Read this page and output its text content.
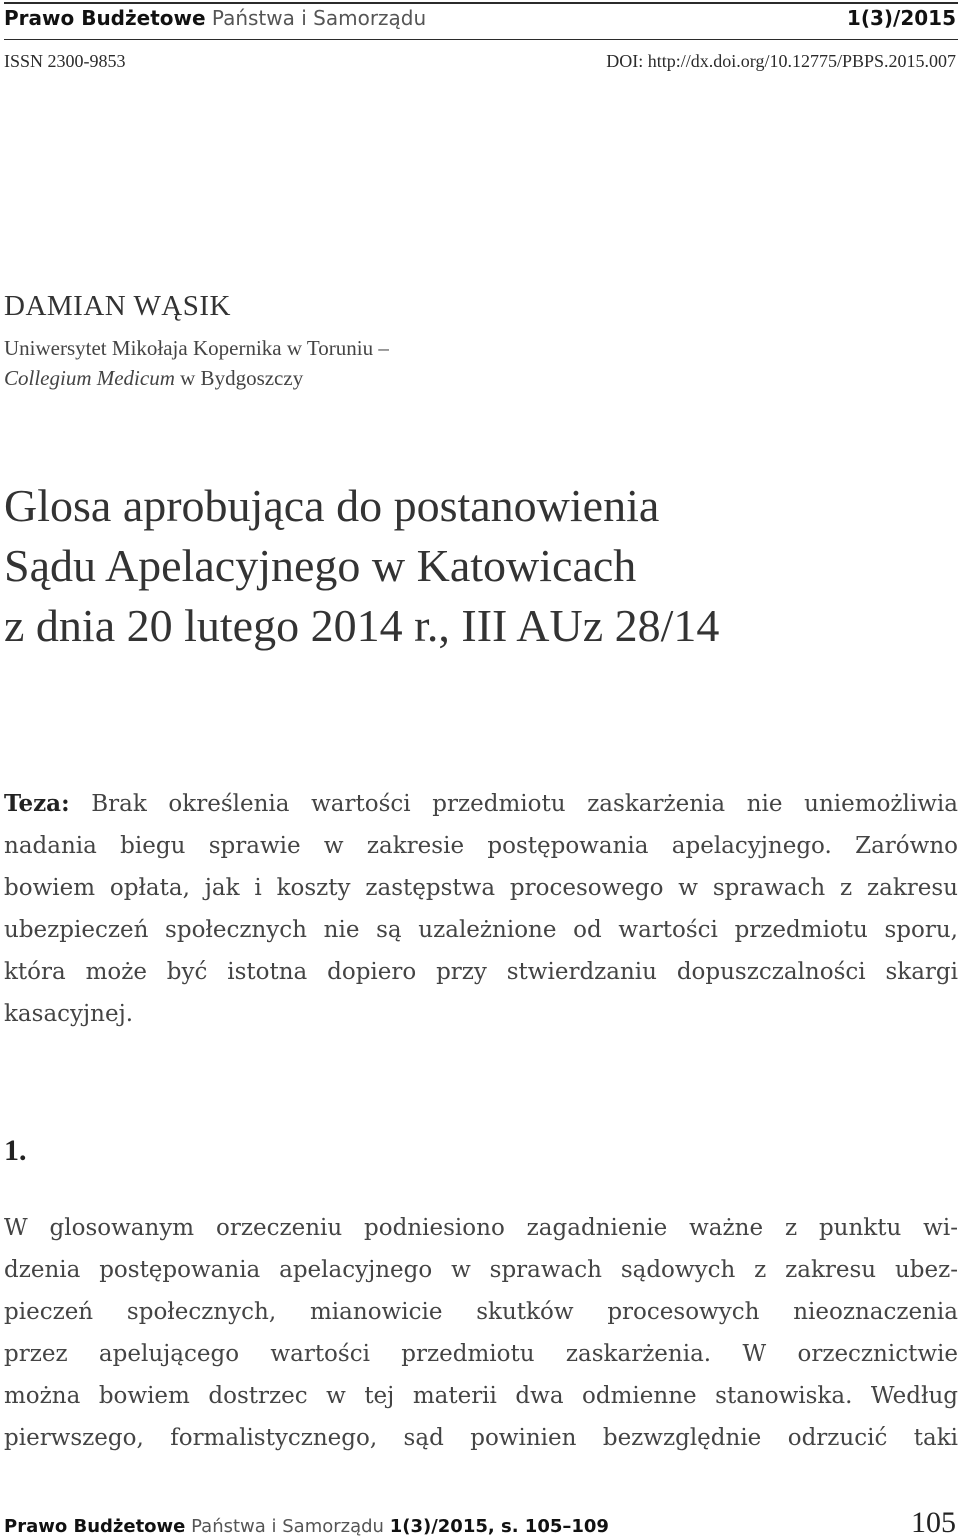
Prawo Budżetowe Państwa i Samorządu	1(3)/2015
ISSN 2300-9853	DOI: http://dx.doi.org/10.12775/PBPS.2015.007
DAMIAN WĄSIK
Uniwersytet Mikołaja Kopernika w Toruniu –
Collegium Medicum w Bydgoszczy
Glosa aprobująca do postanowienia
Sądu Apelacyjnego w Katowicach
z dnia 20 lutego 2014 r., III AUz 28/14
Teza: Brak określenia wartości przedmiotu zaskarżenia nie uniemożliwia
nadania biegu sprawie w zakresie postępowania apelacyjnego. Zarówno
bowiem opłata, jak i koszty zastępstwa procesowego w sprawach z zakresu
ubezpieczeń społecznych nie są uzależnione od wartości przedmiotu sporu,
która może być istotna dopiero przy stwierdzaniu dopuszczalności skargi
kasacyjnej.
1.
W glosowanym orzeczeniu podniesiono zagadnienie ważne z punktu wi-
dzenia postępowania apelacyjnego w sprawach sądowych z zakresu ubez-
pieczeń społecznych, mianowicie skutków procesowych nieoznaczenia
przez apelującego wartości przedmiotu zaskarżenia. W orzecznictwie
można bowiem dostrzec w tej materii dwa odmienne stanowiska. Według
pierwszego, formalistycznego, sąd powinien bezwzględnie odrzucić taki
Prawo Budżetowe Państwa i Samorządu 1(3)/2015, s. 105–109	105
